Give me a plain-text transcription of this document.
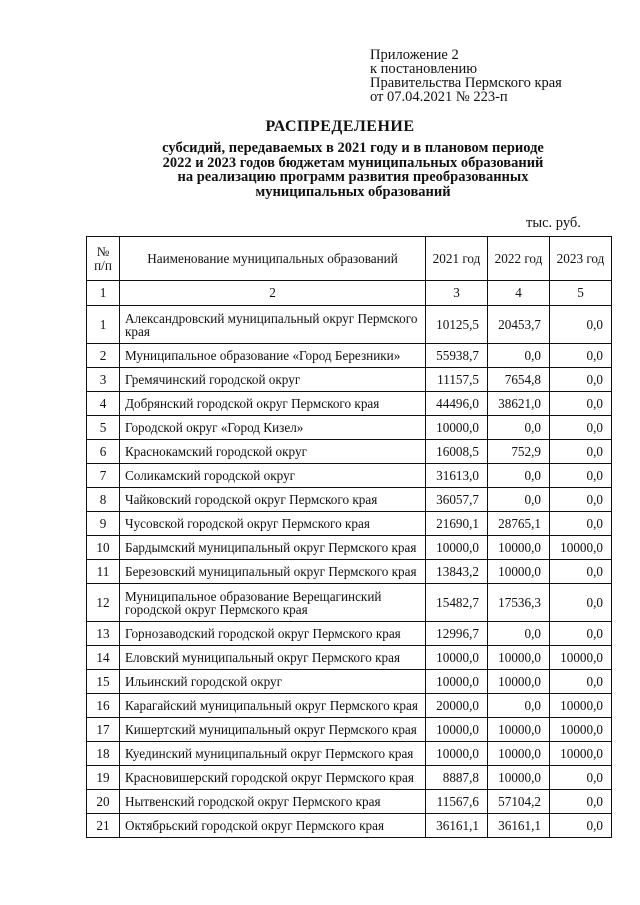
Приложение 2
к постановлению
Правительства Пермского края
от 07.04.2021 № 223-п
РАСПРЕДЕЛЕНИЕ
субсидий, передаваемых в 2021 году и в плановом периоде
2022 и 2023 годов бюджетам муниципальных образований
на реализацию программ развития преобразованных
муниципальных образований
тыс. руб.
№ п/п	Наименование муниципальных образований	2021 год	2022 год	2023 год
1	2	3	4	5
1	Александровский муниципальный округ Пермского края	10125,5	20453,7	0,0
2	Муниципальное образование «Город Березники»	55938,7	0,0	0,0
3	Гремячинский городской округ	11157,5	7654,8	0,0
4	Добрянский городской округ Пермского края	44496,0	38621,0	0,0
5	Городской округ «Город Кизел»	10000,0	0,0	0,0
6	Краснокамский городской округ	16008,5	752,9	0,0
7	Соликамский городской округ	31613,0	0,0	0,0
8	Чайковский городской округ Пермского края	36057,7	0,0	0,0
9	Чусовской городской округ Пермского края	21690,1	28765,1	0,0
10	Бардымский муниципальный округ Пермского края	10000,0	10000,0	10000,0
11	Березовский муниципальный округ Пермского края	13843,2	10000,0	0,0
12	Муниципальное образование Верещагинский городской округ Пермского края	15482,7	17536,3	0,0
13	Горнозаводский городской округ Пермского края	12996,7	0,0	0,0
14	Еловский муниципальный округ Пермского края	10000,0	10000,0	10000,0
15	Ильинский городской округ	10000,0	10000,0	0,0
16	Карагайский муниципальный округ Пермского края	20000,0	0,0	10000,0
17	Кишертский муниципальный округ Пермского края	10000,0	10000,0	10000,0
18	Куединский муниципальный округ Пермского края	10000,0	10000,0	10000,0
19	Красновишерский городской округ Пермского края	8887,8	10000,0	0,0
20	Нытвенский городской округ Пермского края	11567,6	57104,2	0,0
21	Октябрьский городской округ Пермского края	36161,1	36161,1	0,0
